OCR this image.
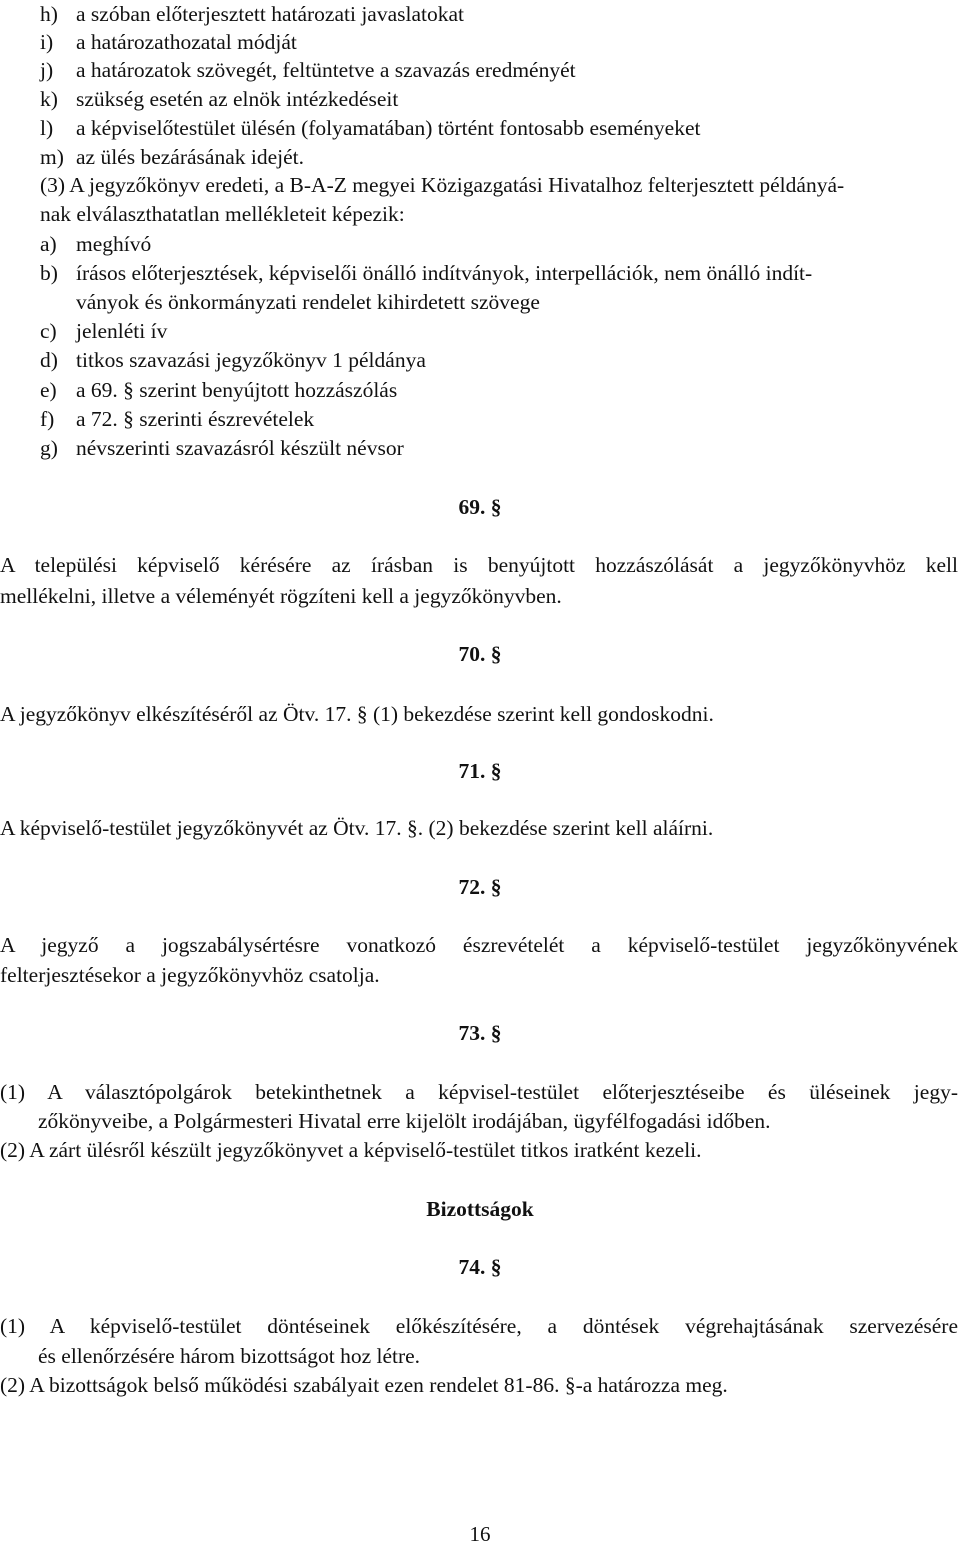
h) a szóban előterjesztett határozati javaslatokat
i) a határozathozatal módját
j) a határozatok szövegét, feltüntetve a szavazás eredményét
k) szükség esetén az elnök intézkedéseit
l) a képviselőtestület ülésén (folyamatában) történt fontosabb eseményeket
m) az ülés bezárásának idejét.
(3) A jegyzőkönyv eredeti, a B-A-Z megyei Közigazgatási Hivatalhoz felterjesztett példányá-
nak elválaszthatatlan mellékleteit képezik:
a) meghívó
b) írásos előterjesztések, képviselői önálló indítványok, interpellációk, nem önálló indít-
ványok és önkormányzati rendelet kihirdetett szövege
c) jelenléti ív
d) titkos szavazási jegyzőkönyv 1 példánya
e) a 69. § szerint benyújtott hozzászólás
f) a 72. § szerinti észrevételek
g) névszerinti szavazásról készült névsor
69. §
A települési képviselő kérésére az írásban is benyújtott hozzászólását a jegyzőkönyvhöz kell
mellékelni, illetve a véleményét rögzíteni kell a jegyzőkönyvben.
70. §
A jegyzőkönyv elkészítéséről az Ötv. 17. § (1) bekezdése szerint kell gondoskodni.
71. §
A képviselő-testület jegyzőkönyvét az Ötv. 17. §. (2) bekezdése szerint kell aláírni.
72. §
A jegyző a jogszabálysértésre vonatkozó észrevételét a képviselő-testület jegyzőkönyvének
felterjesztésekor a jegyzőkönyvhöz csatolja.
73. §
(1) A választópolgárok betekinthetnek a képvisel-testület előterjesztéseibe és üléseinek jegy-
zőkönyveibe, a Polgármesteri Hivatal erre kijelölt irodájában, ügyfélfogadási időben.
(2) A zárt ülésről készült jegyzőkönyvet a képviselő-testület titkos iratként kezeli.
Bizottságok
74. §
(1) A képviselő-testület döntéseinek előkészítésére, a döntések végrehajtásának szervezésére
és ellenőrzésére három bizottságot hoz létre.
(2) A bizottságok belső működési szabályait ezen rendelet 81-86. §-a határozza meg.
16
